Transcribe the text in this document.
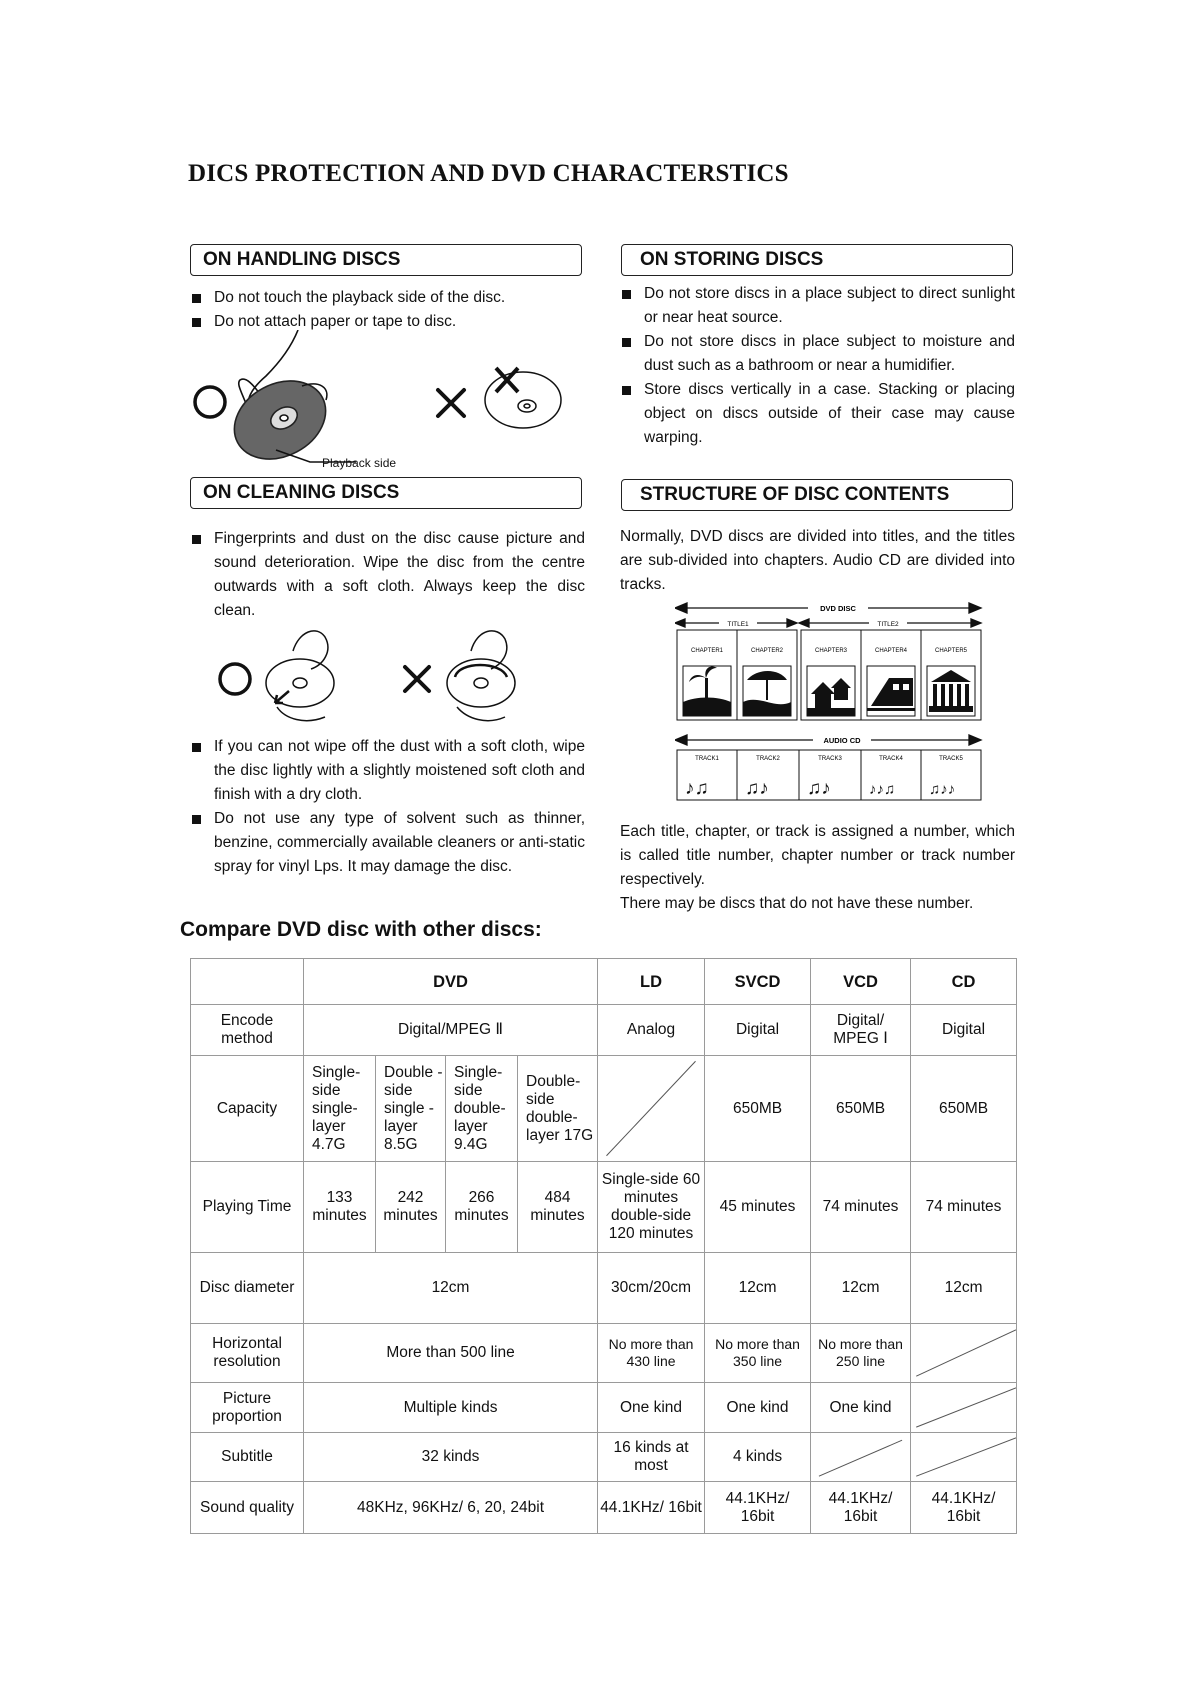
DICS PROTECTION AND DVD CHARACTERSTICS
ON HANDLING DISCS
Do not touch the playback side of the disc.
Do not attach paper or tape to disc.
Playback side
ON CLEANING DISCS
Fingerprints and dust on the disc cause picture and sound deterioration. Wipe the disc from the centre outwards with a soft cloth. Always keep the disc clean.
If you can not wipe off the dust with a soft cloth, wipe the disc lightly with a slightly moistened soft cloth and finish with a dry cloth.
Do not use any type of solvent such as thinner, benzine, commercially available cleaners or anti-static spray for vinyl Lps. It may damage the disc.
ON STORING DISCS
Do not store discs in a place subject to direct sunlight or near heat source.
Do not store discs in place subject to moisture and dust such as a bathroom or near a humidifier.
Store discs vertically in a case. Stacking or placing object on discs outside of their case may cause warping.
STRUCTURE OF DISC CONTENTS

Normally, DVD discs are divided into titles, and the titles are sub-divided into chapters. Audio CD are divided into tracks.

DVD DISC
TITLE1	TITLE2
AUDIO CD
CHAPTER1	CHAPTER2	CHAPTER3	CHAPTER4	CHAPTER5
TRACK1	TRACK2	TRACK3	TRACK4	TRACK5
♪♫ ♫♪ ♫♪	♪♪♫ ♫♪♪

Each title, chapter, or track is assigned a number, which is called title number, chapter number or track number respectively.

There may be discs that do not have these number.

Compare DVD disc with other discs:
	DVD				LD	SVCD	VCD	CD
Encode method	Digital/MPEG Ⅱ				Analog	Digital	Digital/ MPEG Ⅰ	Digital
Capacity	Single-side single-layer 4.7G	Double -side single -layer 8.5G	Single-side double-layer 9.4G	Double-side double-layer 17G		650MB	650MB	650MB
Playing Time	133 minutes	242 minutes	266 minutes	484 minutes	Single-side 60 minutes double-side 120 minutes	45 minutes	74 minutes	74 minutes
Disc diameter	12cm				30cm/20cm	12cm	12cm	12cm
Horizontal resolution	More than 500 line				No more than 430 line	No more than 350 line	No more than 250 line	

Picture proportion	Multiple kinds				One kind	One kind	One kind	

Subtitle	32 kinds				16 kinds at most	4 kinds	

Sound quality	48KHz, 96KHz/ 6, 20, 24bit				44.1KHz/ 16bit	44.1KHz/ 16bit	44.1KHz/ 16bit	44.1KHz/ 16bit
